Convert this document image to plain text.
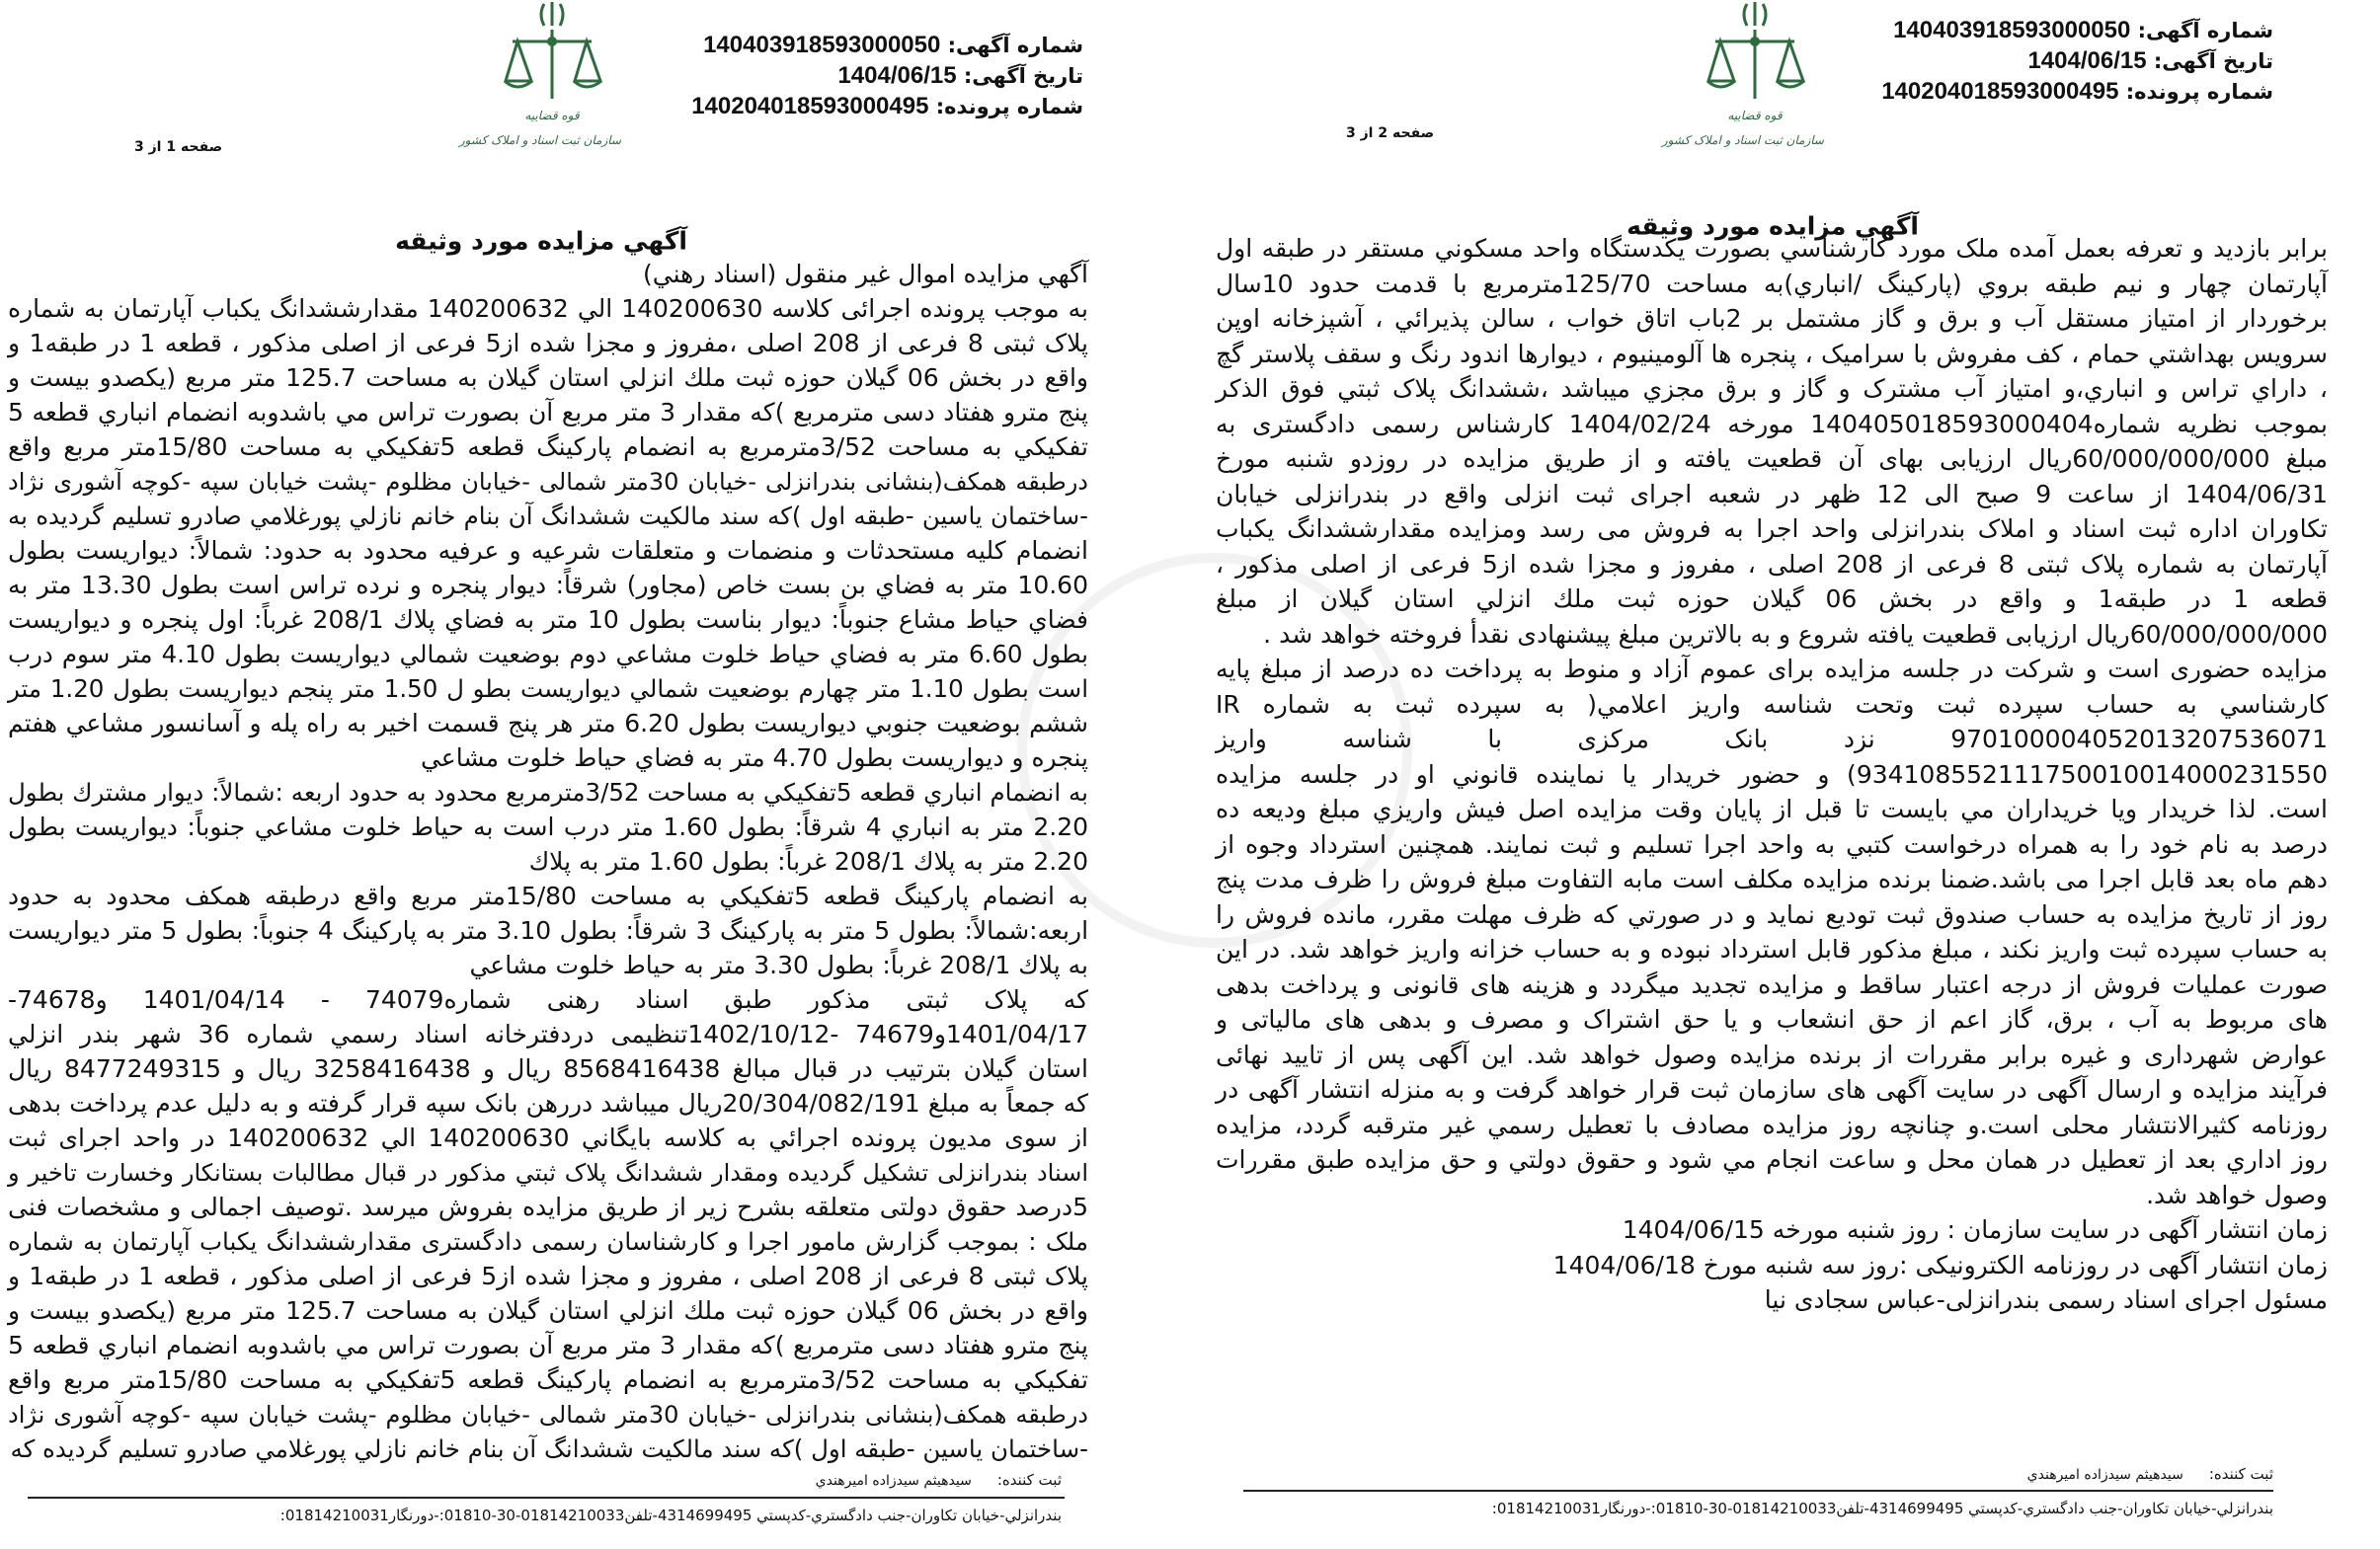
شماره آگهی: 140403918593000050
تاریخ آگهی: 1404/06/15
شماره پرونده: 140204018593000495
قوه قضاییه
سازمان ثبت اسناد و املاک کشور
صفحه 1 از 3
آگهي مزايده مورد وثيقه
آگهي مزايده اموال غير منقول (اسناد رهني)
به موجب پرونده اجرائی کلاسه 140200630 الي 140200632 مقدارششدانگ يکباب آپارتمان به شماره
پلاک ثبتی 8 فرعی از 208 اصلی ،مفروز و مجزا شده از5 فرعی از اصلی مذکور ، قطعه 1 در طبقه1 و
واقع در بخش 06 گيلان حوزه ثبت ملك انزلي استان گيلان به مساحت 125.7 متر مربع (يكصدو بيست و
پنج مترو هفتاد دسی مترمربع )که مقدار 3 متر مربع آن بصورت تراس مي باشدوبه انضمام انباري قطعه 5
تفكيكي به مساحت 3/52مترمربع به انضمام پاركينگ قطعه 5تفكيكي به مساحت 15/80متر مربع واقع
درطبقه همكف(بنشانی بندرانزلی -خيابان 30متر شمالی -خيابان مظلوم -پشت خيابان سپه -کوچه آشوری نژاد
-ساختمان ياسين -طبقه اول )که سند مالکيت ششدانگ آن بنام خانم نازلي پورغلامي صادرو تسليم گرديده به
انضمام كليه مستحدثات و منضمات و متعلقات شرعيه و عرفيه محدود به حدود: شمالاً: ديواريست بطول
10.60 متر به فضاي بن بست خاص (مجاور) شرقاً: ديوار پنجره و نرده تراس است بطول 13.30 متر به
فضاي حياط مشاع جنوباً: ديوار بناست بطول 10 متر به فضاي پلاك 208/1 غرباً: اول پنجره و ديواريست
بطول 6.60 متر به فضاي حياط خلوت مشاعي دوم بوضعيت شمالي ديواريست بطول 4.10 متر سوم درب
است بطول 1.10 متر چهارم بوضعيت شمالي ديواريست بطو ل 1.50 متر پنجم ديواريست بطول 1.20 متر
ششم بوضعيت جنوبي ديواريست بطول 6.20 متر هر پنج قسمت اخير به راه پله و آسانسور مشاعي هفتم
پنجره و ديواريست بطول 4.70 متر به فضاي حياط خلوت مشاعي
به انضمام انباري قطعه 5تفكيكي به مساحت 3/52مترمربع محدود به حدود اربعه :شمالاً: ديوار مشترك بطول
2.20 متر به انباري 4 شرقاً: بطول 1.60 متر درب است به حياط خلوت مشاعي جنوباً: ديواريست بطول
2.20 متر به پلاك 208/1 غرباً: بطول 1.60 متر به پلاك
به انضمام پاركينگ قطعه 5تفكيكي به مساحت 15/80متر مربع واقع درطبقه همكف محدود به حدود
اربعه:شمالاً: بطول 5 متر به پاركينگ 3 شرقاً: بطول 3.10 متر به پاركينگ 4 جنوباً: بطول 5 متر ديواريست
به پلاك 208/1 غرباً: بطول 3.30 متر به حياط خلوت مشاعي
كه پلاک ثبتی مذکور طبق اسناد رهنی شماره74079 - 1401/04/14 و74678-
1401/04/17و74679 -1402/10/12تنظيمی دردفترخانه اسناد رسمي شماره 36 شهر بندر انزلي
استان گيلان بترتيب در قبال مبالغ 8568416438 ريال و 3258416438 ريال و 8477249315 ريال
كه جمعاً به مبلغ 20/304/082/191ريال ميباشد دررهن بانک سپه قرار گرفته و به دليل عدم پرداخت بدهی
از سوی مديون پرونده اجرائي به كلاسه بايگاني 140200630 الي 140200632 در واحد اجرای ثبت
اسناد بندرانزلی تشكيل گرديده ومقدار ششدانگ پلاک ثبتي مذكور در قبال مطالبات بستانكار وخسارت تاخير و
5درصد حقوق دولتی متعلقه بشرح زير از طريق مزايده بفروش ميرسد .توصيف اجمالی و مشخصات فنی
ملک : بموجب گزارش مامور اجرا و کارشناسان رسمی دادگستری مقدارششدانگ يکباب آپارتمان به شماره
پلاک ثبتی 8 فرعی از 208 اصلی ، مفروز و مجزا شده از5 فرعی از اصلی مذکور ، قطعه 1 در طبقه1 و
واقع در بخش 06 گيلان حوزه ثبت ملك انزلي استان گيلان به مساحت 125.7 متر مربع (يكصدو بيست و
پنج مترو هفتاد دسی مترمربع )که مقدار 3 متر مربع آن بصورت تراس مي باشدوبه انضمام انباري قطعه 5
تفكيكي به مساحت 3/52مترمربع به انضمام پاركينگ قطعه 5تفكيكي به مساحت 15/80متر مربع واقع
درطبقه همكف(بنشانی بندرانزلی -خيابان 30متر شمالی -خيابان مظلوم -پشت خيابان سپه -کوچه آشوری نژاد
-ساختمان ياسين -طبقه اول )که سند مالکيت ششدانگ آن بنام خانم نازلي پورغلامي صادرو تسليم گرديده که
ثبت کننده:سيدهيثم سيدزاده اميرهندي
بندرانزلي-خيابان تکاوران-جنب دادگستري-کدپستي 4314699495-تلفن01814210033-30-01810:-دورنگار01814210031:
شماره آگهی: 140403918593000050
تاریخ آگهی: 1404/06/15
شماره پرونده: 140204018593000495
قوه قضاییه
سازمان ثبت اسناد و املاک کشور
صفحه 2 از 3
آگهي مزايده مورد وثيقه
برابر بازديد و تعرفه بعمل آمده ملک مورد کارشناسي بصورت يکدستگاه واحد مسکوني مستقر در طبقه اول
آپارتمان چهار و نيم طبقه بروي (پارکينگ /انباري)به مساحت 125/70مترمربع با قدمت حدود 10سال
برخوردار از امتياز مستقل آب و برق و گاز مشتمل بر 2باب اتاق خواب ، سالن پذيرائي ، آشپزخانه اوپن
سرويس بهداشتي حمام ، کف مفروش با سراميک ، پنجره ها آلومينيوم ، ديوارها اندود رنگ و سقف پلاستر گچ
، داراي تراس و انباري،و امتياز آب مشترک و گاز و برق مجزي ميباشد ،ششدانگ پلاک ثبتي فوق الذکر
بموجب نظريه شماره140405018593000404 مورخه 1404/02/24 کارشناس رسمی دادگستری به
مبلغ 60/000/000/000ريال ارزيابی بهای آن قطعيت يافته و از طريق مزايده در روزدو شنبه مورخ
1404/06/31 از ساعت 9 صبح الی 12 ظهر در شعبه اجرای ثبت انزلی واقع در بندرانزلی خيابان
تکاوران اداره ثبت اسناد و املاک بندرانزلی واحد اجرا به فروش می رسد ومزايده مقدارششدانگ يکباب
آپارتمان به شماره پلاک ثبتی 8 فرعی از 208 اصلی ، مفروز و مجزا شده از5 فرعی از اصلی مذکور ،
قطعه 1 در طبقه1 و واقع در بخش 06 گيلان حوزه ثبت ملك انزلي استان گيلان از مبلغ
60/000/000/000ريال ارزيابی قطعيت يافته شروع و به بالاترين مبلغ پيشنهادی نقدأ فروخته خواهد شد .
مزايده حضوری است و شرکت در جلسه مزايده برای عموم آزاد و منوط به پرداخت ده درصد از مبلغ پايه
کارشناسي به حساب سپرده ثبت وتحت شناسه واريز اعلامي( به سپرده ثبت به شماره IR
970100004052013207536071 نزد بانک مرکزی با شناسه واريز
934108552111750010014000231550) و حضور خريدار يا نماينده قانوني او در جلسه مزايده
است. لذا خريدار ويا خريداران مي بايست تا قبل از پايان وقت مزايده اصل فيش واريزي مبلغ وديعه ده
درصد به نام خود را به همراه درخواست کتبي به واحد اجرا تسليم و ثبت نمايند. همچنين استرداد وجوه از
دهم ماه بعد قابل اجرا می باشد.ضمنا برنده مزايده مکلف است مابه التفاوت مبلغ فروش را ظرف مدت پنج
روز از تاريخ مزايده به حساب صندوق ثبت توديع نمايد و در صورتي که ظرف مهلت مقرر، مانده فروش را
به حساب سپرده ثبت واريز نکند ، مبلغ مذکور قابل استرداد نبوده و به حساب خزانه واريز خواهد شد. در اين
صورت عمليات فروش از درجه اعتبار ساقط و مزايده تجديد ميگردد و هزينه های قانونی و پرداخت بدهی
های مربوط به آب ، برق، گاز اعم از حق انشعاب و يا حق اشتراک و مصرف و بدهی های مالياتی و
عوارض شهرداری و غيره برابر مقررات از برنده مزايده وصول خواهد شد. اين آگهی پس از تاييد نهائی
فرآيند مزايده و ارسال آگهی در سايت آگهی های سازمان ثبت قرار خواهد گرفت و به منزله انتشار آگهی در
روزنامه کثيرالانتشار محلی است.و چنانچه روز مزايده مصادف با تعطيل رسمي غير مترقبه گردد، مزايده
روز اداري بعد از تعطيل در همان محل و ساعت انجام مي شود و حقوق دولتي و حق مزايده طبق مقررات
وصول خواهد شد.
زمان انتشار آگهی در سايت سازمان : روز شنبه مورخه 1404/06/15
زمان انتشار آگهی در روزنامه الکترونيکی :روز سه شنبه مورخ 1404/06/18
مسئول اجرای اسناد رسمی بندرانزلی-عباس سجادی نيا
ثبت کننده:سيدهيثم سيدزاده اميرهندي
بندرانزلي-خيابان تکاوران-جنب دادگستري-کدپستي 4314699495-تلفن01814210033-30-01810:-دورنگار01814210031:
